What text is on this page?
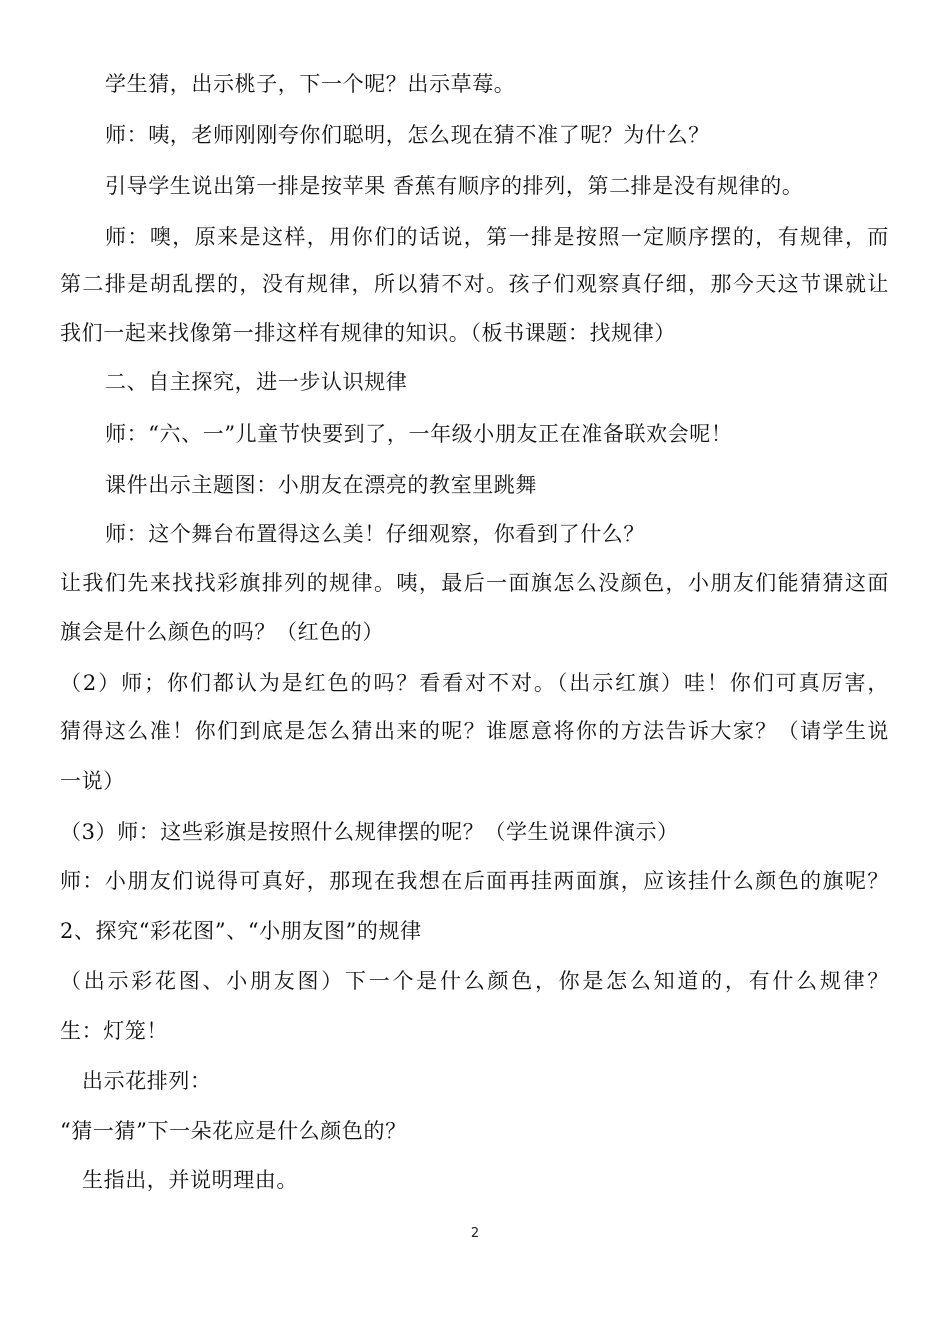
学生猜，出示桃子，下一个呢？出示草莓。
师：咦，老师刚刚夸你们聪明，怎么现在猜不准了呢？为什么？
引导学生说出第一排是按苹果 香蕉有顺序的排列，第二排是没有规律的。
师：噢，原来是这样，用你们的话说，第一排是按照一定顺序摆的，有规律，而
第二排是胡乱摆的，没有规律，所以猜不对。孩子们观察真仔细，那今天这节课就让
我们一起来找像第一排这样有规律的知识。（板书课题：找规律）
二、自主探究，进一步认识规律
师：“六、一”儿童节快要到了，一年级小朋友正在准备联欢会呢！
课件出示主题图：小朋友在漂亮的教室里跳舞
师：这个舞台布置得这么美！仔细观察，你看到了什么？
让我们先来找找彩旗排列的规律。咦，最后一面旗怎么没颜色，小朋友们能猜猜这面
旗会是什么颜色的吗？（红色的）
（2）师；你们都认为是红色的吗？看看对不对。（出示红旗）哇！你们可真厉害，
猜得这么准！你们到底是怎么猜出来的呢？谁愿意将你的方法告诉大家？（请学生说
一说）
（3）师：这些彩旗是按照什么规律摆的呢？（学生说课件演示）
师：小朋友们说得可真好，那现在我想在后面再挂两面旗，应该挂什么颜色的旗呢？
2、探究“彩花图”、“小朋友图”的规律
（出示彩花图、小朋友图）下一个是什么颜色，你是怎么知道的，有什么规律？
生：灯笼！
出示花排列：
“猜一猜”下一朵花应是什么颜色的？
生指出，并说明理由。
2
